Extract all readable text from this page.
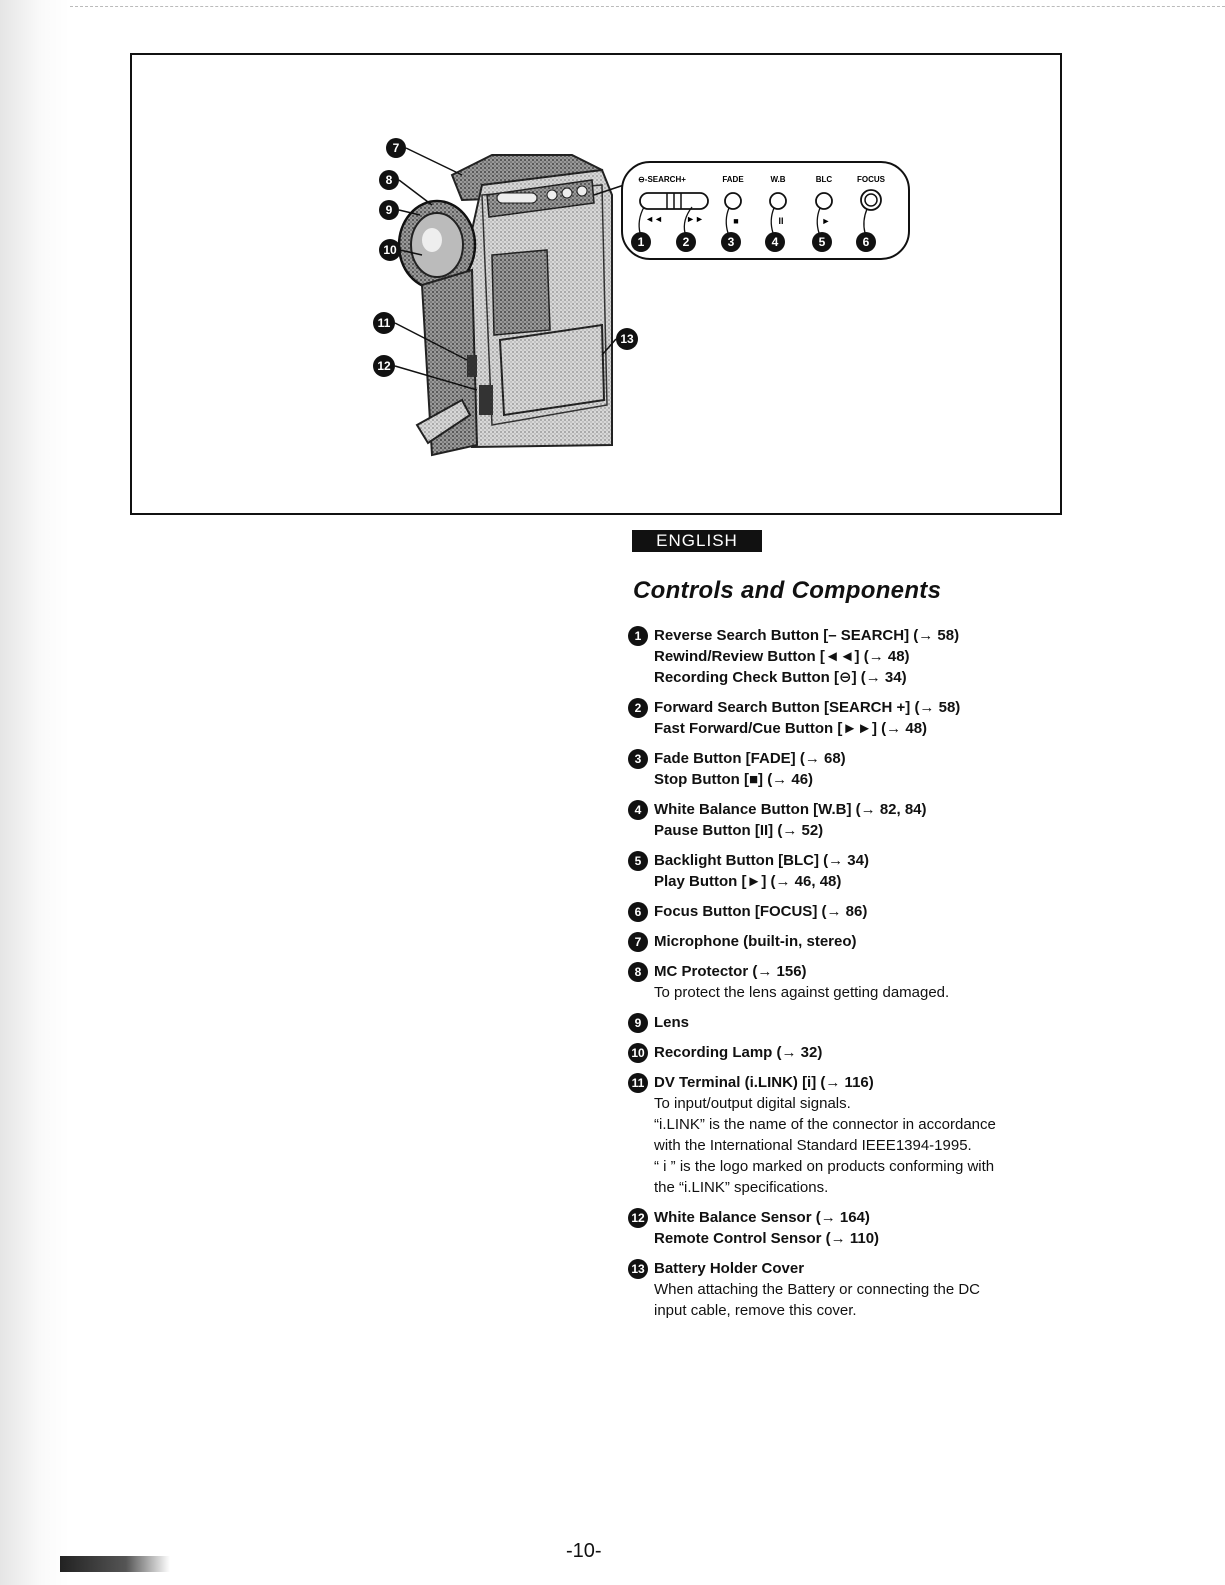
7
8
9
10
11
12
13
⊖-SEARCH+	FADE	W.B	BLC	FOCUS
◄◄	►►	■	II	►
1	2	3	4	5	6
ENGLISH
Controls and Components
1 Reverse Search Button [– SEARCH] (→ 58)
Rewind/Review Button [◄◄] (→ 48)
Recording Check Button [⊖] (→ 34)
2 Forward Search Button [SEARCH +] (→ 58)
Fast Forward/Cue Button [►►] (→ 48)
3 Fade Button [FADE] (→ 68)
Stop Button [■] (→ 46)
4 White Balance Button [W.B] (→ 82, 84)
Pause Button [II] (→ 52)
5 Backlight Button [BLC] (→ 34)
Play Button [►] (→ 46, 48)
6 Focus Button [FOCUS] (→ 86)
7 Microphone (built-in, stereo)
8 MC Protector (→ 156)
To protect the lens against getting damaged.
9 Lens
10 Recording Lamp (→ 32)
11 DV Terminal (i.LINK) [i] (→ 116)
To input/output digital signals.
“i.LINK” is the name of the connector in accordance
with the International Standard IEEE1394-1995.
“ i ” is the logo marked on products conforming with
the “i.LINK” specifications.
12 White Balance Sensor (→ 164)
Remote Control Sensor (→ 110)
13 Battery Holder Cover
When attaching the Battery or connecting the DC
input cable, remove this cover.
-10-
